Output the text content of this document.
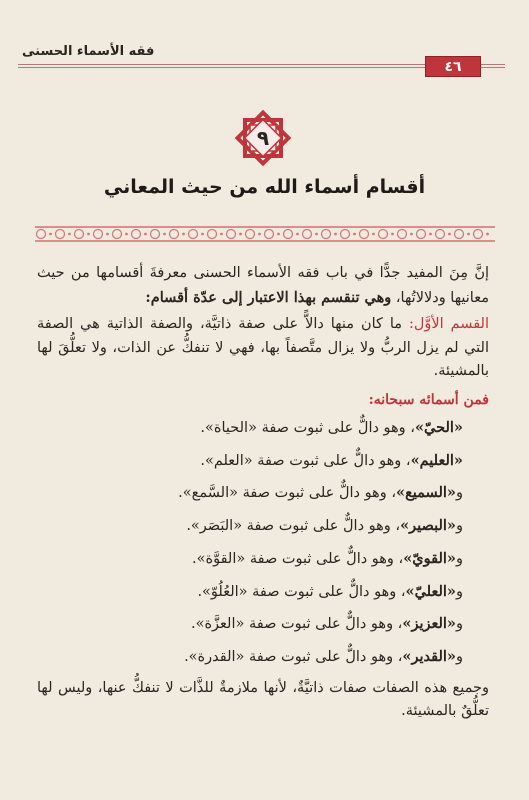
فقه الأسماء الحسنى
٤٦
٩
أقسام أسماء الله من حيث المعاني

إنَّ مِنَ المفيد جدًّا في باب فقه الأسماء الحسنى معرفةَ أقسامها من حيث معانيها ودلالاتُها، وهي تنقسم بهذا الاعتبار إلى عدّة أقسام:

القسم الأوَّل: ما كان منها دالاًّ على صفة ذاتيَّة، والصفة الذاتية هي الصفة التي لم يزل الربُّ ولا يزال متَّصفاً بها، فهي لا تنفكُّ عن الذات، ولا تعلُّقَ لها بالمشيئة.

فمن أسمائه سبحانه:

«الحيّ»، وهو دالٌّ على ثبوت صفة «الحياة».

«العليم»، وهو دالٌّ على ثبوت صفة «العلم».

و«السميع»، وهو دالٌّ على ثبوت صفة «السَّمع».

و«البصير»، وهو دالٌّ على ثبوت صفة «البَصَر».

و«القويّ»، وهو دالٌّ على ثبوت صفة «القوَّة».

و«العليّ»، وهو دالٌّ على ثبوت صفة «العُلُوّ».

و«العزيز»، وهو دالٌّ على ثبوت صفة «العزَّة».

و«القدير»، وهو دالٌّ على ثبوت صفة «القدرة».

وجميع هذه الصفات صفات ذاتيَّةٌ، لأنها ملازمةٌ للذَّات لا تنفكُّ عنها، وليس لها تعلُّقٌ بالمشيئة.
